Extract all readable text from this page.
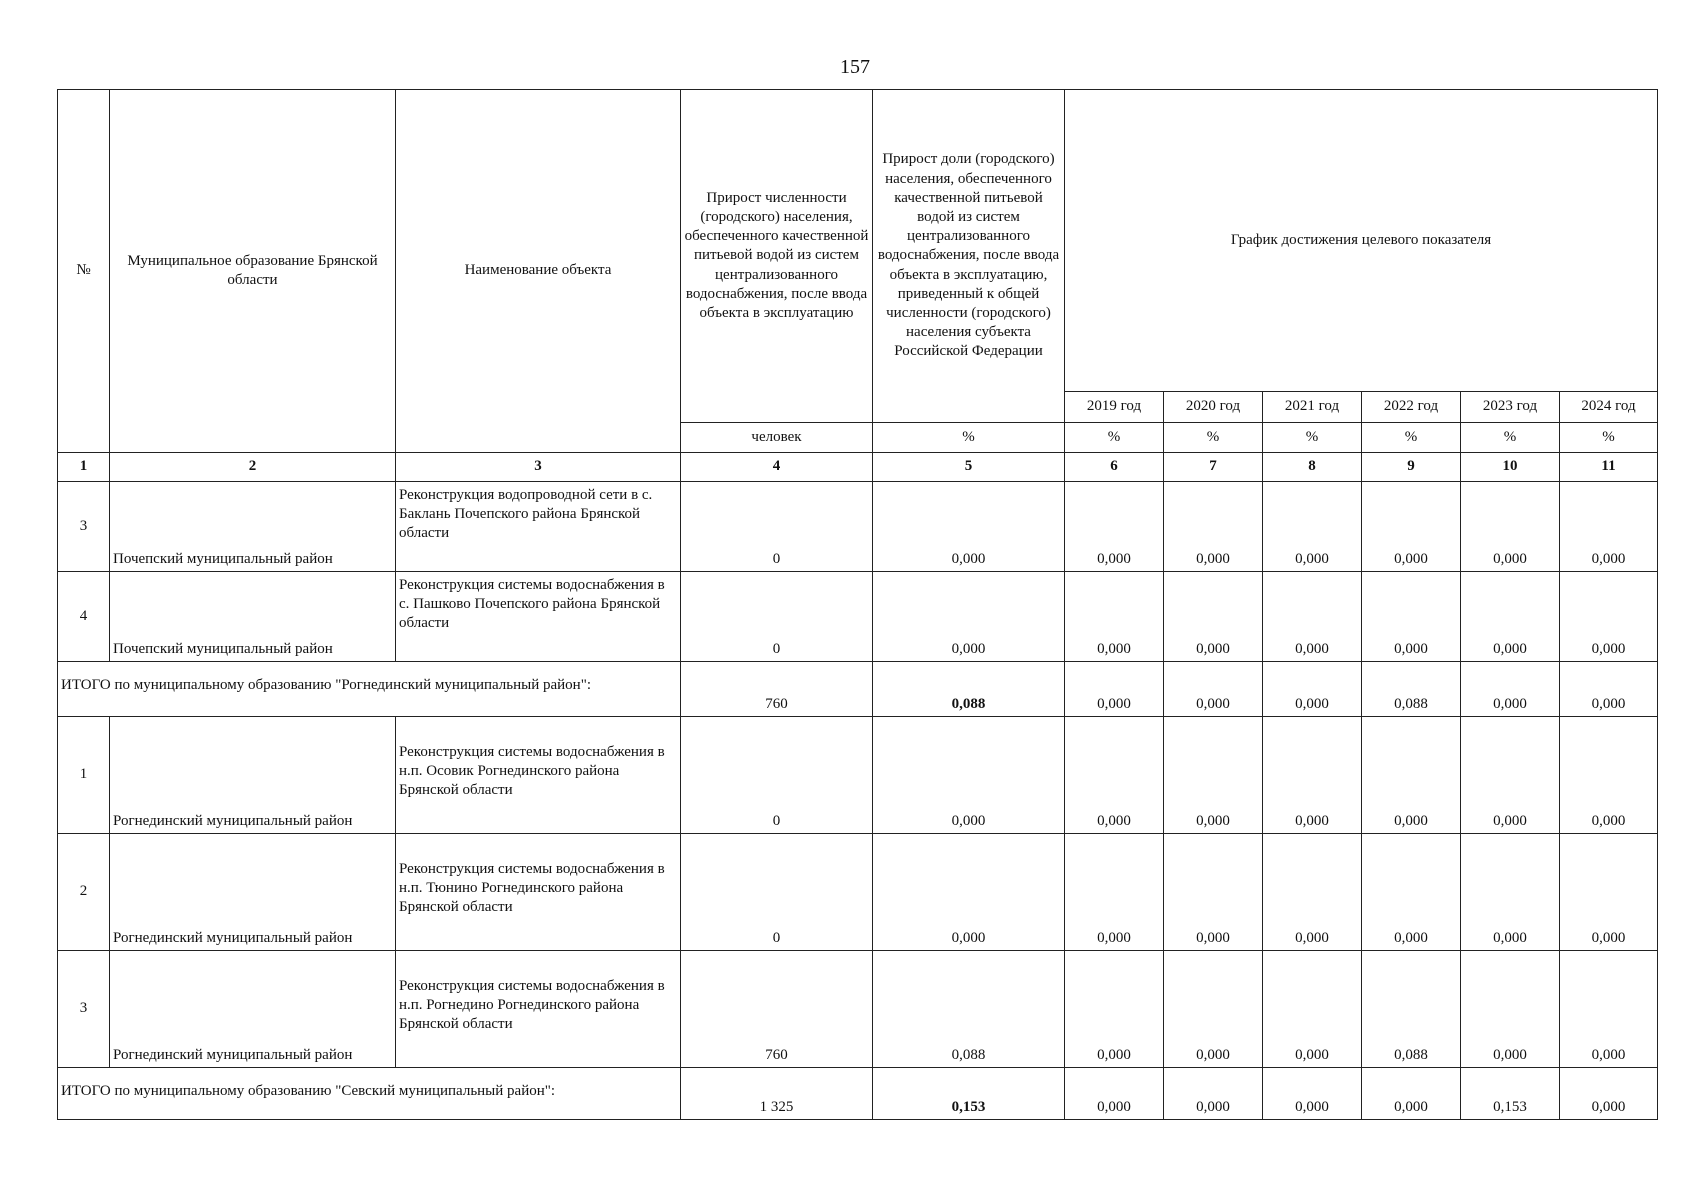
157
№	Муниципальное образование Брянской области	Наименование объекта	Прирост численности (городского) населения, обеспеченного качественной питьевой водой из систем централизованного водоснабжения, после ввода объекта в эксплуатацию	Прирост доли (городского) населения, обеспеченного качественной питьевой водой из систем централизованного водоснабжения, после ввода объекта в эксплуатацию, приведенный к общей численности (городского) населения субъекта Российской Федерации	График достижения целевого показателя					
					2019 год	2020 год	2021 год	2022 год	2023 год	2024 год
			человек	%	%	%	%	%	%	%
1	2	3	4	5	6	7	8	9	10	11
3	Почепский муниципальный район	Реконструкция водопроводной сети в с. Баклань Почепского района Брянской области	0	0,000	0,000	0,000	0,000	0,000	0,000	0,000
4	Почепский муниципальный район	Реконструкция системы водоснабжения в с. Пашково Почепского района Брянской области	0	0,000	0,000	0,000	0,000	0,000	0,000	0,000
ИТОГО по муниципальному образованию "Рогнединский муниципальный район":			760	0,088	0,000	0,000	0,000	0,088	0,000	0,000
1	Рогнединский муниципальный район	Реконструкция системы водоснабжения в н.п. Осовик Рогнединского района Брянской области	0	0,000	0,000	0,000	0,000	0,000	0,000	0,000
2	Рогнединский муниципальный район	Реконструкция системы водоснабжения в н.п. Тюнино Рогнединского района Брянской области	0	0,000	0,000	0,000	0,000	0,000	0,000	0,000
3	Рогнединский муниципальный район	Реконструкция системы водоснабжения в н.п. Рогнедино Рогнединского района Брянской области	760	0,088	0,000	0,000	0,000	0,088	0,000	0,000
ИТОГО по муниципальному образованию "Севский муниципальный район":			1 325	0,153	0,000	0,000	0,000	0,000	0,153	0,000
